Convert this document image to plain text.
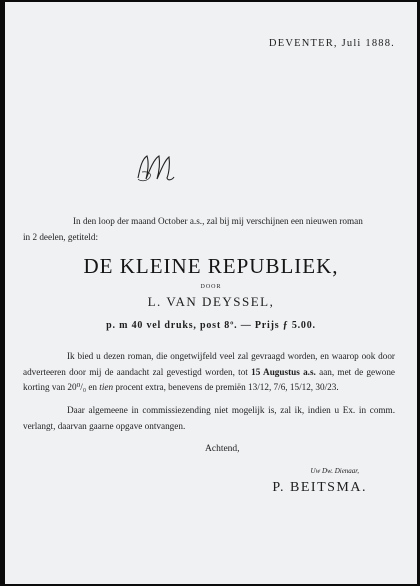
DEVENTER, Juli 1888.
In den loop der maand October a.s., zal bij mij verschijnen een nieuwen roman
in 2 deelen, getiteld:
DE KLEINE REPUBLIEK,
DOOR
L. VAN DEYSSEL,
p. m 40 vel druks, post 8º. — Prijs ƒ 5.00.
Ik bied u dezen roman, die ongetwijfeld veel zal gevraagd worden, en waarop ook door adverteeren door mij de aandacht zal gevestigd worden, tot 15 Augustus a.s. aan, met de gewone korting van 20⁰/₀ en tien procent extra, benevens de premiën 13/12, 7/6, 15/12, 30/23.
Daar algemeene in commissiezending niet mogelijk is, zal ik, indien u Ex. in comm. verlangt, daarvan gaarne opgave ontvangen.
Achtend,
Uw Dw. Dienaar,
P. BEITSMA.
